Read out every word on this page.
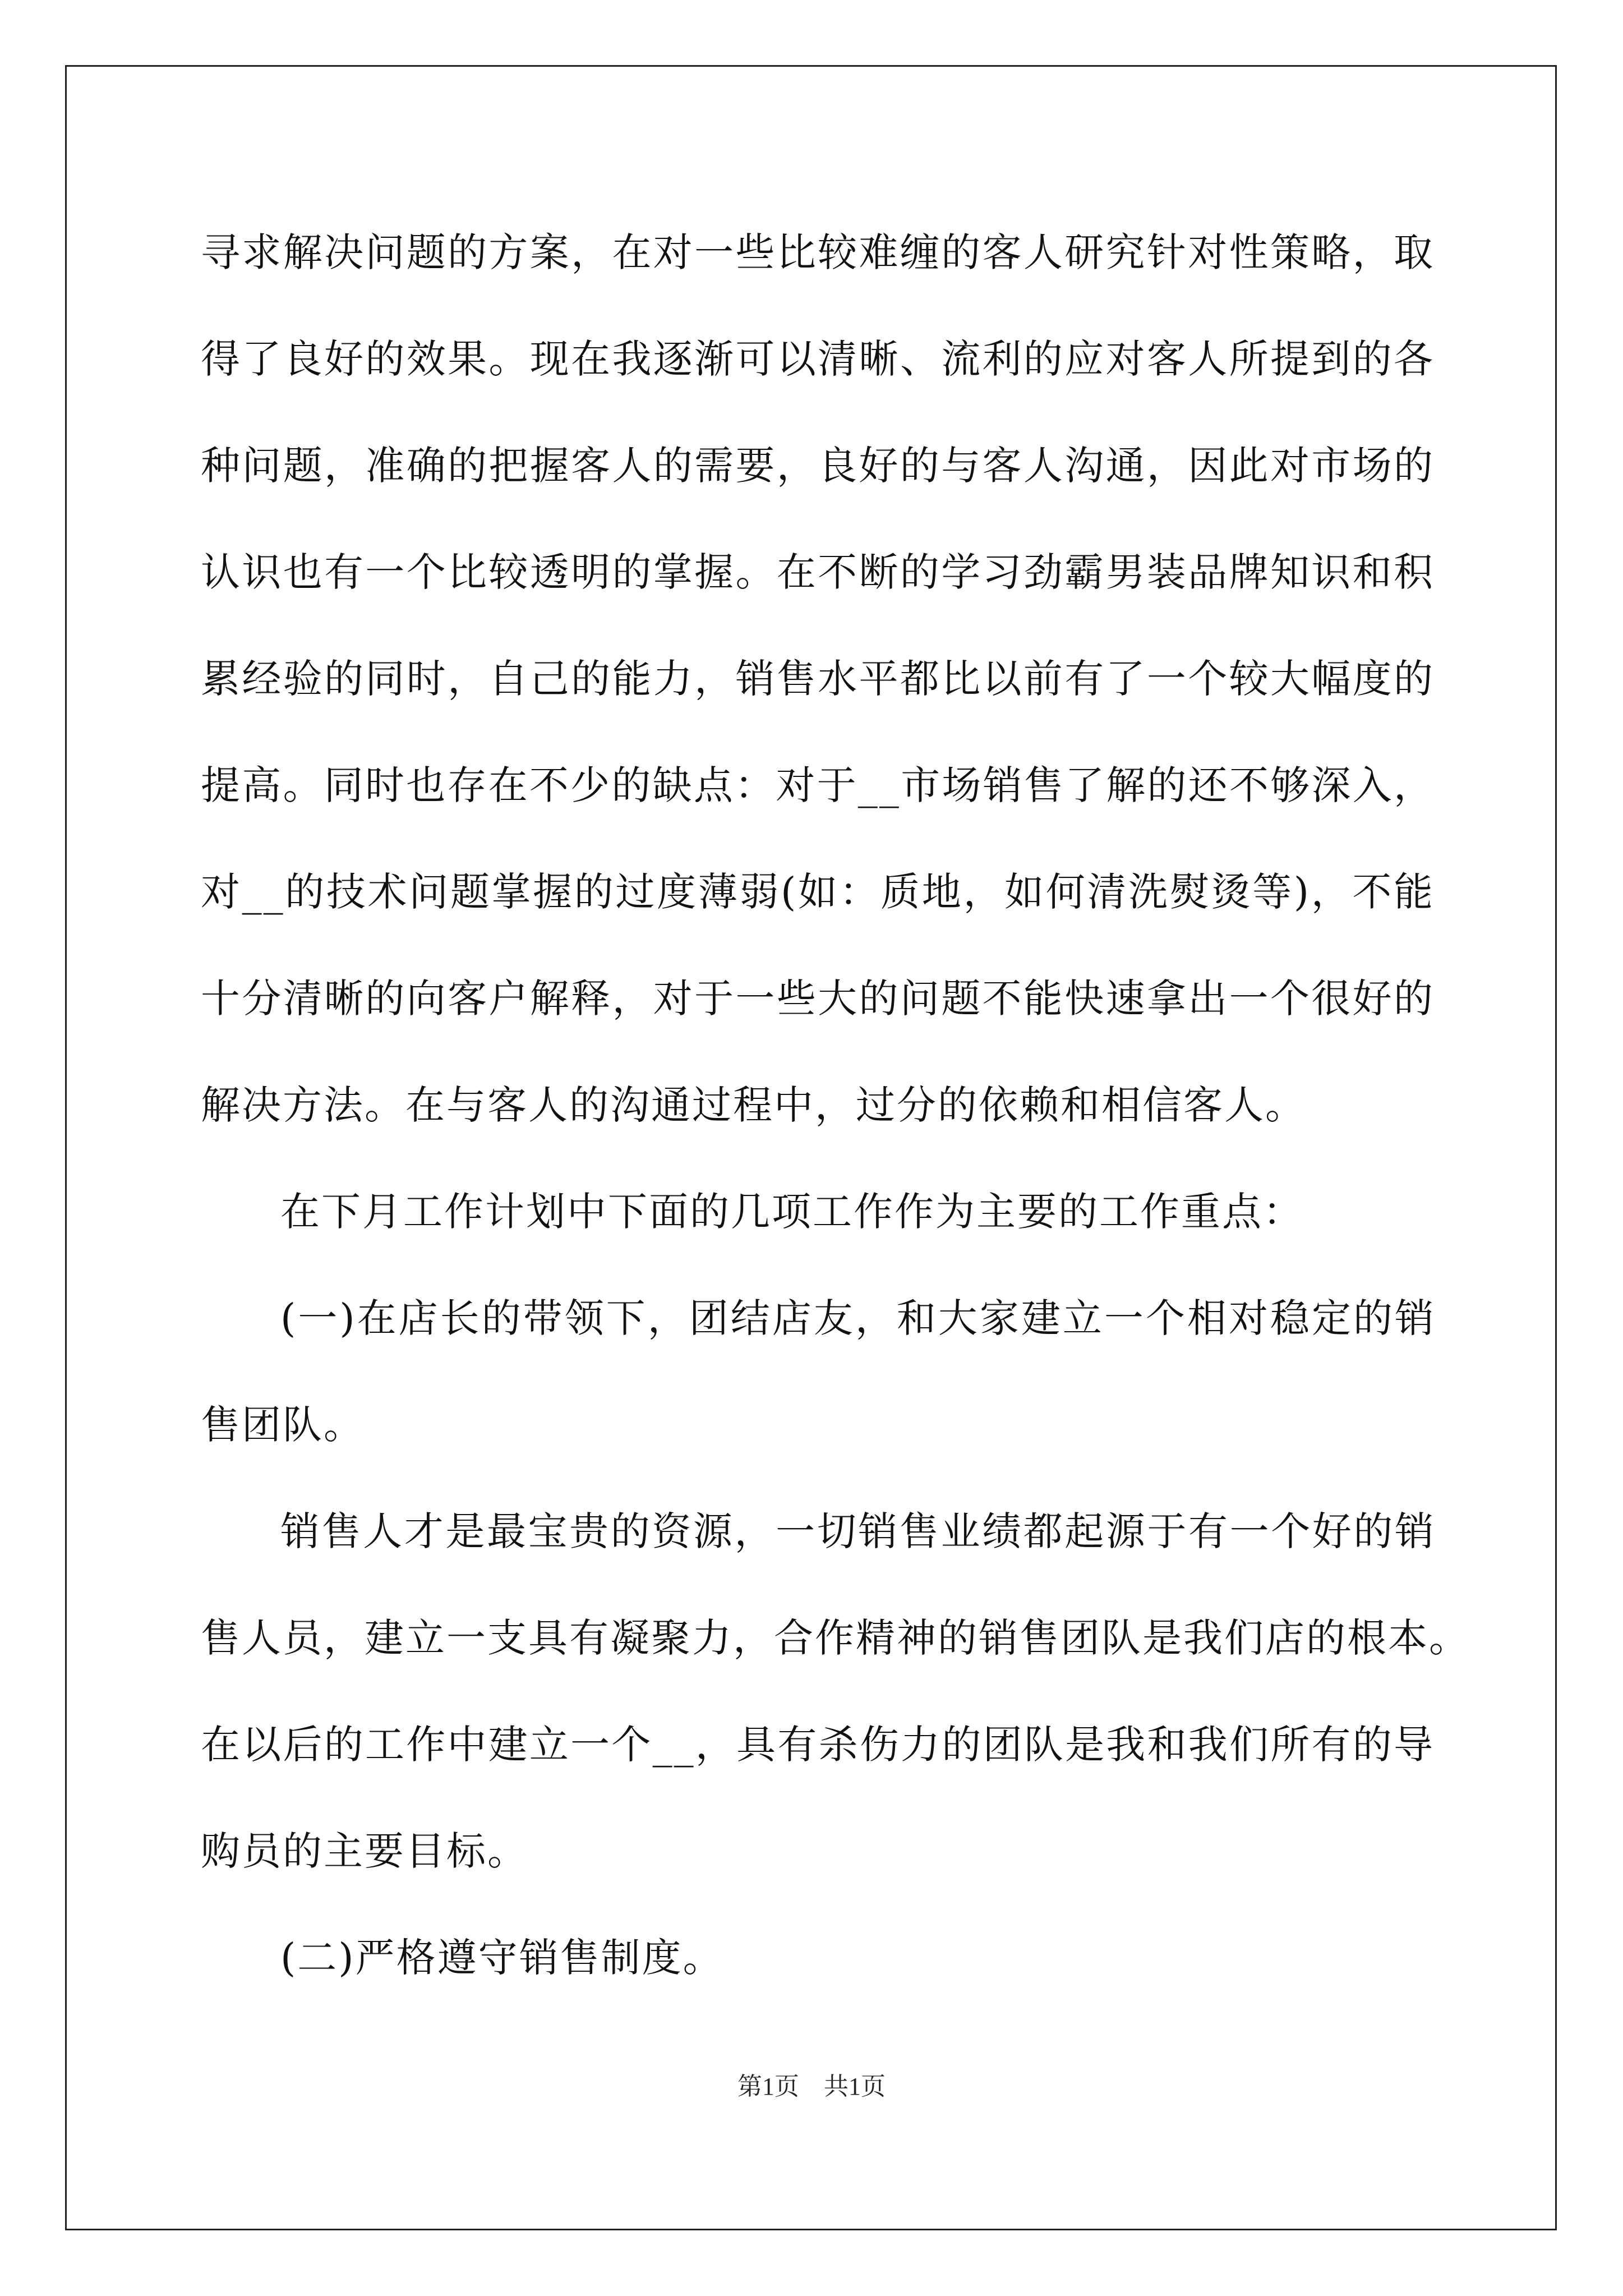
寻求解决问题的方案，在对一些比较难缠的客人研究针对性策略，取
得了良好的效果。现在我逐渐可以清晰、流利的应对客人所提到的各
种问题，准确的把握客人的需要，良好的与客人沟通，因此对市场的
认识也有一个比较透明的掌握。在不断的学习劲霸男装品牌知识和积
累经验的同时，自己的能力，销售水平都比以前有了一个较大幅度的
提高。同时也存在不少的缺点：对于__市场销售了解的还不够深入，
对__的技术问题掌握的过度薄弱(如：质地，如何清洗熨烫等)，不能
十分清晰的向客户解释，对于一些大的问题不能快速拿出一个很好的
解决方法。在与客人的沟通过程中，过分的依赖和相信客人。
在下月工作计划中下面的几项工作作为主要的工作重点：
(一)在店长的带领下，团结店友，和大家建立一个相对稳定的销
售团队。
销售人才是最宝贵的资源，一切销售业绩都起源于有一个好的销
售人员，建立一支具有凝聚力，合作精神的销售团队是我们店的根本。
在以后的工作中建立一个__，具有杀伤力的团队是我和我们所有的导
购员的主要目标。
(二)严格遵守销售制度。
第1页　共1页
